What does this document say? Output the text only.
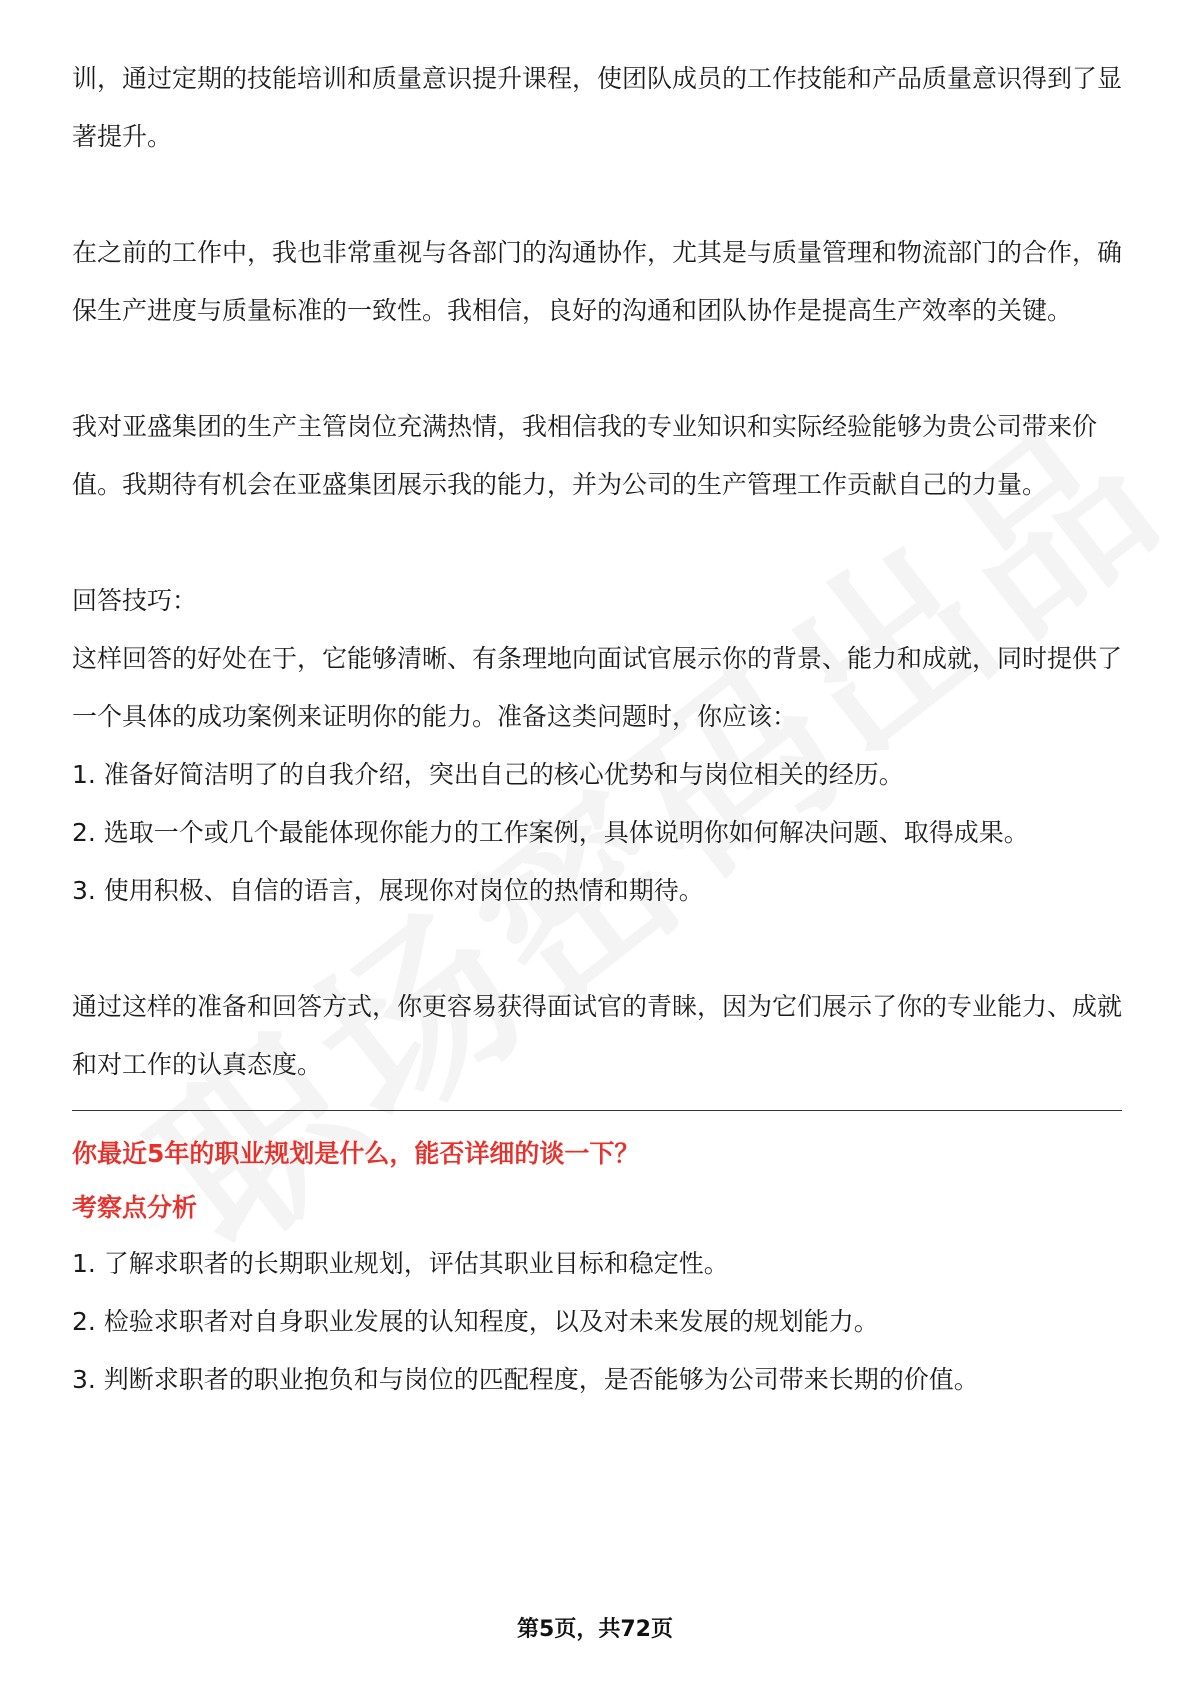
训，通过定期的技能培训和质量意识提升课程，使团队成员的工作技能和产品质量意识得到了显著提升。

在之前的工作中，我也非常重视与各部门的沟通协作，尤其是与质量管理和物流部门的合作，确保生产进度与质量标准的一致性。我相信，良好的沟通和团队协作是提高生产效率的关键。

我对亚盛集团的生产主管岗位充满热情，我相信我的专业知识和实际经验能够为贵公司带来价值。我期待有机会在亚盛集团展示我的能力，并为公司的生产管理工作贡献自己的力量。

回答技巧：

这样回答的好处在于，它能够清晰、有条理地向面试官展示你的背景、能力和成就，同时提供了一个具体的成功案例来证明你的能力。准备这类问题时，你应该：

1. 准备好简洁明了的自我介绍，突出自己的核心优势和与岗位相关的经历。

2. 选取一个或几个最能体现你能力的工作案例，具体说明你如何解决问题、取得成果。

3. 使用积极、自信的语言，展现你对岗位的热情和期待。

通过这样的准备和回答方式，你更容易获得面试官的青睐，因为它们展示了你的专业能力、成就和对工作的认真态度。

你最近5年的职业规划是什么，能否详细的谈一下？
考察点分析

1. 了解求职者的长期职业规划，评估其职业目标和稳定性。

2. 检验求职者对自身职业发展的认知程度，以及对未来发展的规划能力。

3. 判断求职者的职业抱负和与岗位的匹配程度，是否能够为公司带来长期的价值。

第5页，共72页
